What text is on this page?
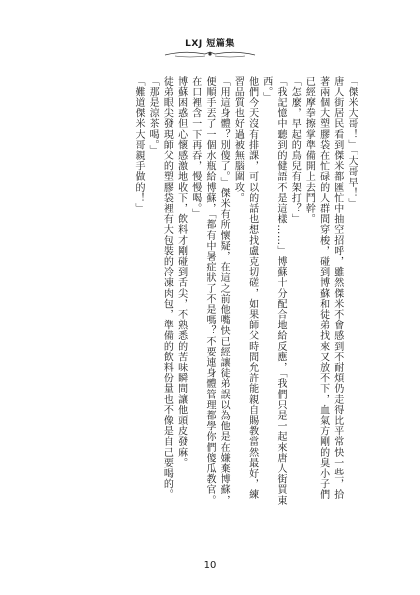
LXJ 短篇集

「傑米大哥！」「大哥早！」

唐人街居民看到傑米都匯忙中抽空招呼，雖然傑米不會感到不耐煩仍走得比平常快一些，拾著兩個大塑膠袋在忙碌的人群間穿梭，碰到博蘇和徒弟找來又放不下，血氣方剛的臭小子們已經摩拳擦掌準備開上去鬥幹。

「怎麼，早起的鳥兒有架打？」

「我記憶中聽到的健語不是這樣……」博蘇十分配合地給反應，「我們只是一起來唐人街買東西。」

他們今天沒有排課，可以的話也想找盧克切磋，如果師父時間允許能親自賜教當然最好，練習品質也好過被無腦圍攻。

「用這身體？別傻了。」傑米有所懷疑，在這之前他嘴快已經讓徒弟誤以為他是在嫌棄博蘇，便順手丟了一個水瓶給博蘇，「都有中暑症狀了不是嗎？不要連身體管理都學你們傻瓜教官。在口裡含一下再吞，慢慢喝。」

博蘇困惑但心懷感激地收下，飲料才剛碰到舌尖，不熟悉的苦味瞬間讓他頭皮發麻。

徒弟眼尖發現師父的塑膠袋裡有大包裝的冷凍肉包，準備的飲料份量也不像是自己要喝的。

「那是涼茶喝。」

「難道傑米大哥親手做的！」

10
